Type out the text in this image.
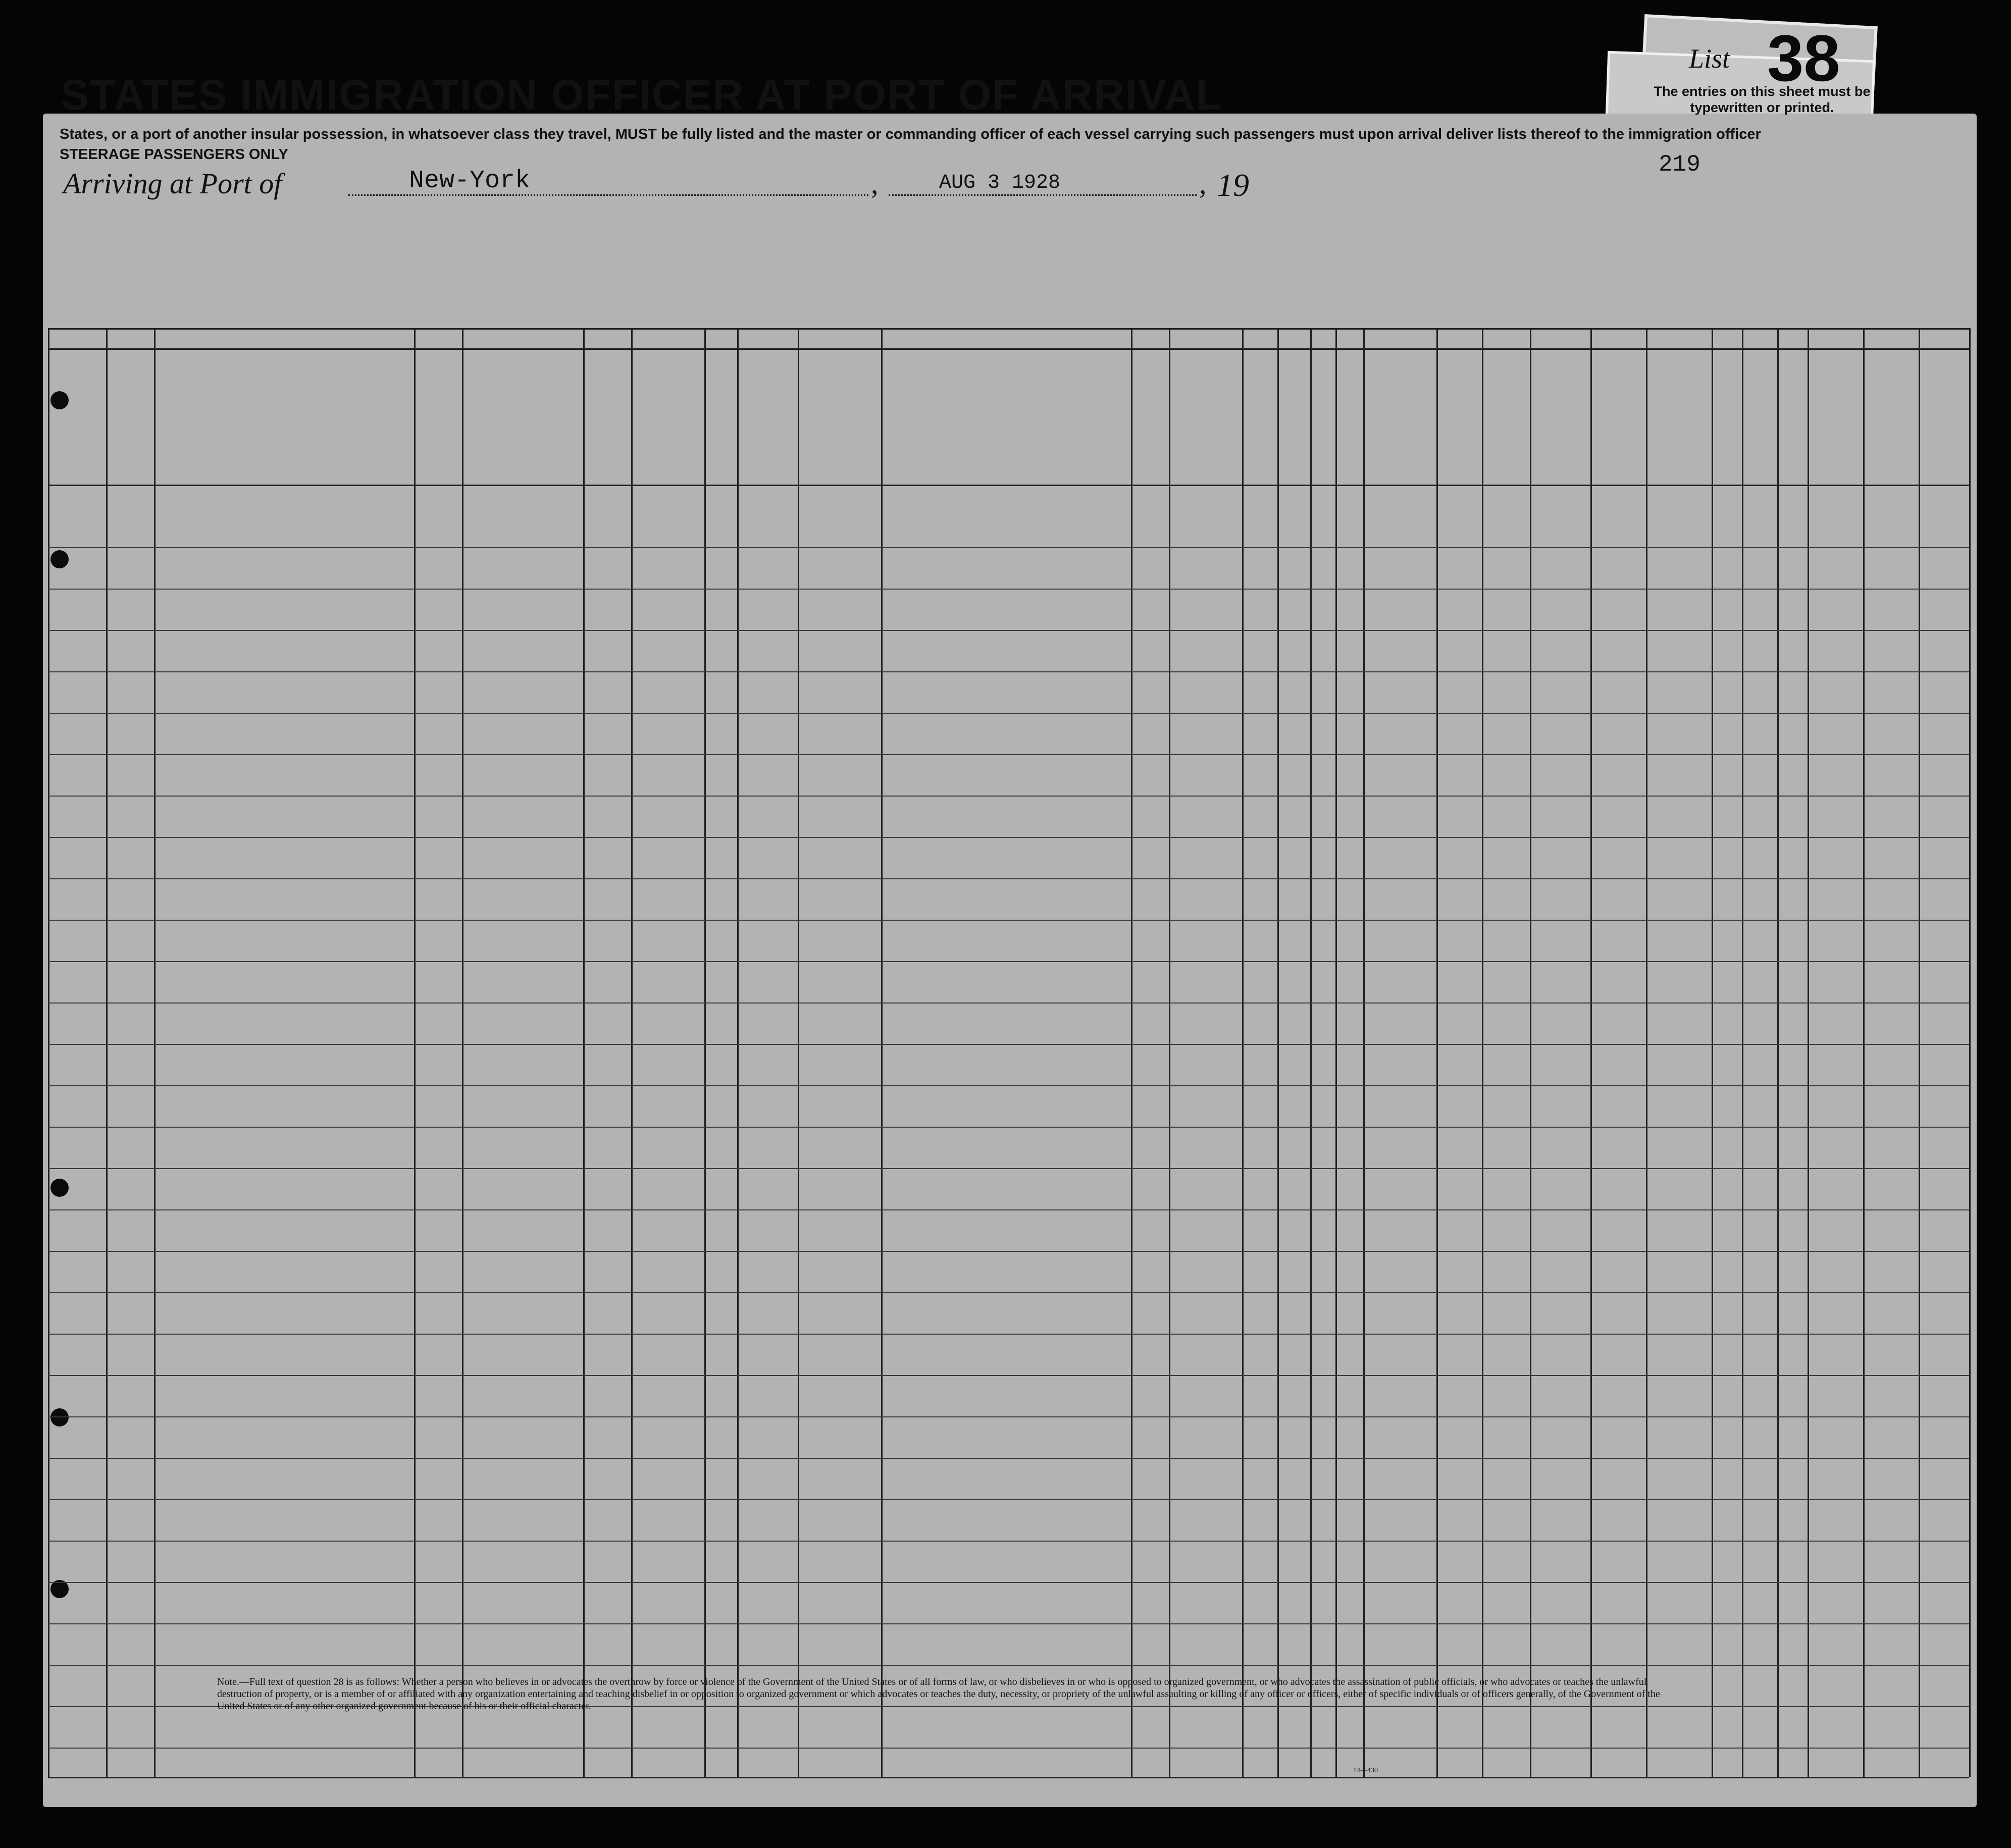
STATES IMMIGRATION OFFICER AT PORT OF ARRIVAL
States, or a port of another insular possession, in whatsoever class they travel, MUST be fully listed and the master or commanding officer of each vessel carrying such passengers must upon arrival deliver lists thereof to the immigration officer
STEERAGE PASSENGERS ONLY
List 38
The entries on this sheet must be typewritten or printed.
Arriving at Port of	New-York	,	AUG 3 1928	, 19
219
Note.—Full text of question 28 is as follows: Whether a person who believes in or advocates the overthrow by force or violence of the Government of the United States or of all forms of law, or who disbelieves in or who is opposed to organized government, or who advocates the assassination of public officials, or who advocates or teaches the unlawful destruction of property, or is a member of or affiliated with any organization entertaining and teaching disbelief in or opposition to organized government or which advocates or teaches the duty, necessity, or propriety of the unlawful assaulting or killing of any officer or officers, either of specific individuals or of officers generally, of the Government of the United States or of any other organized government because of his or their official character.
14—430
